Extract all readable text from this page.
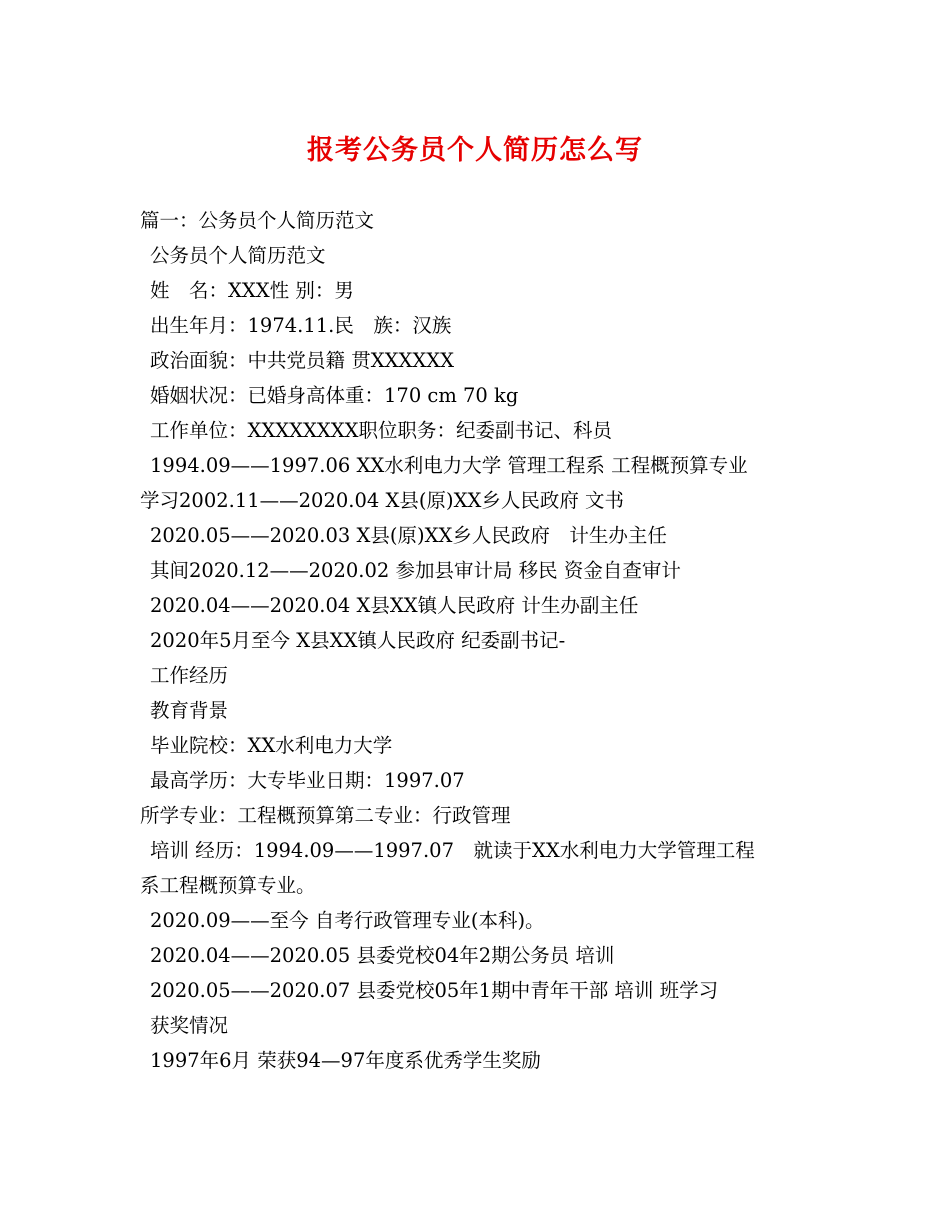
报考公务员个人简历怎么写
篇一：公务员个人简历范文
公务员个人简历范文
姓　名：XXX性 别：男
出生年月：1974.11.民　族：汉族
政治面貌：中共党员籍 贯XXXXXX
婚姻状况：已婚身高体重：170 cm 70 kg
工作单位：XXXXXXXX职位职务：纪委副书记、科员
1994.09——1997.06 XX水利电力大学 管理工程系 工程概预算专业
学习2002.11——2020.04 X县(原)XX乡人民政府 文书
2020.05——2020.03 X县(原)XX乡人民政府　计生办主任
其间2020.12——2020.02 参加县审计局 移民 资金自查审计
2020.04——2020.04 X县XX镇人民政府 计生办副主任
2020年5月至今 X县XX镇人民政府 纪委副书记-
工作经历
教育背景
毕业院校：XX水利电力大学
最高学历：大专毕业日期：1997.07
所学专业：工程概预算第二专业：行政管理
培训 经历：1994.09——1997.07　就读于XX水利电力大学管理工程
系工程概预算专业。
2020.09——至今 自考行政管理专业(本科)。
2020.04——2020.05 县委党校04年2期公务员 培训
2020.05——2020.07 县委党校05年1期中青年干部 培训 班学习
获奖情况
1997年6月 荣获94—97年度系优秀学生奖励
